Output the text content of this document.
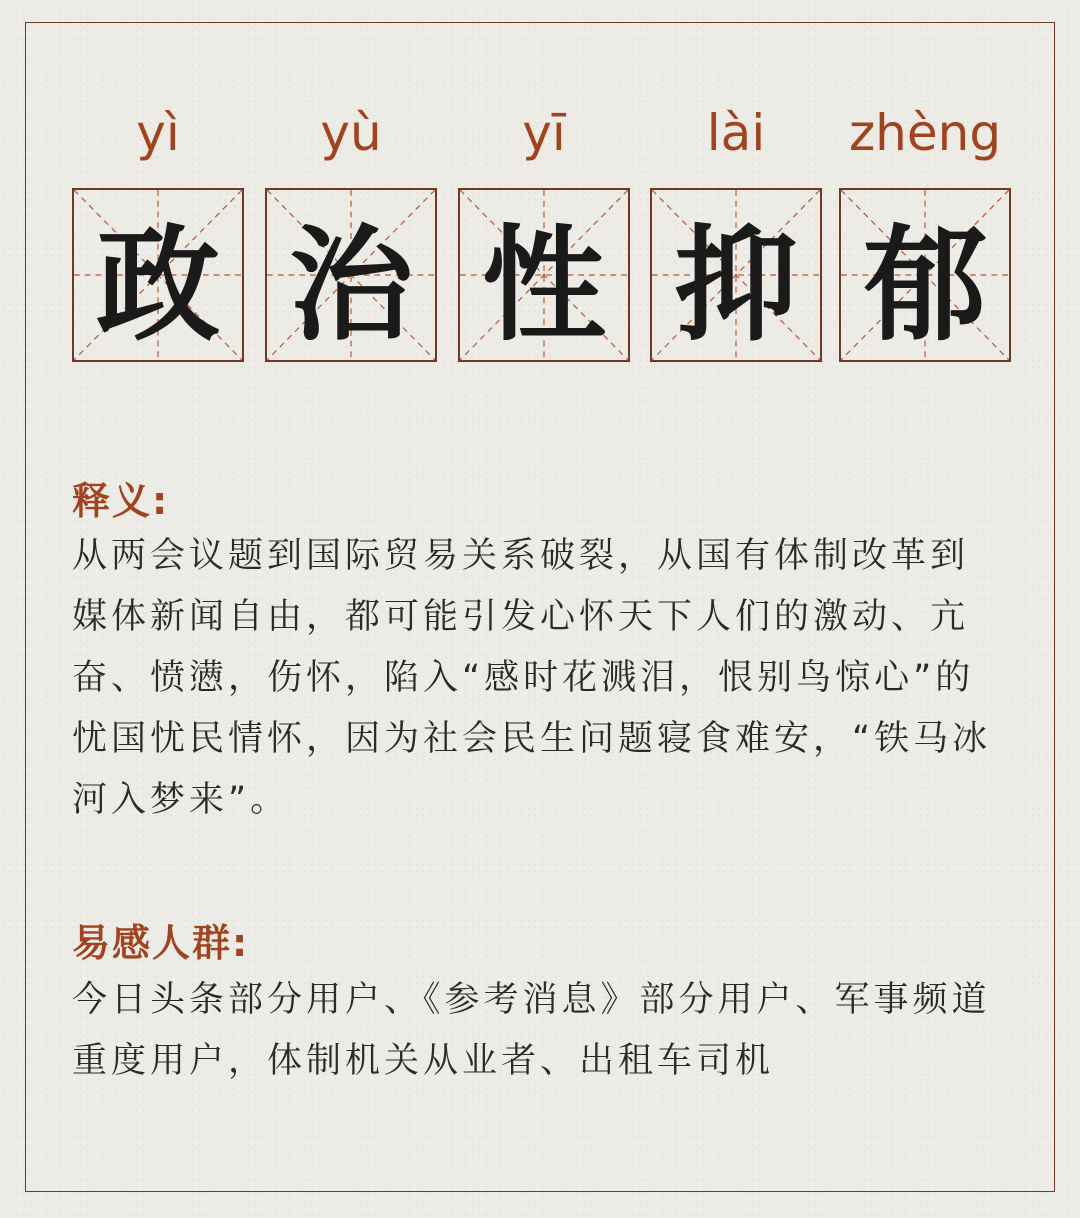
yì	yù	yī	lài	zhèng
政 治 性 抑 郁
释义:
从两会议题到国际贸易关系破裂，从国有体制改革到媒体新闻自由，都可能引发心怀天下人们的激动、亢奋、愤懑，伤怀，陷入“感时花溅泪，恨别鸟惊心”的忧国忧民情怀，因为社会民生问题寝食难安，“铁马冰河入梦来”。
易感人群:
今日头条部分用户、《参考消息》部分用户、军事频道重度用户，体制机关从业者、出租车司机
